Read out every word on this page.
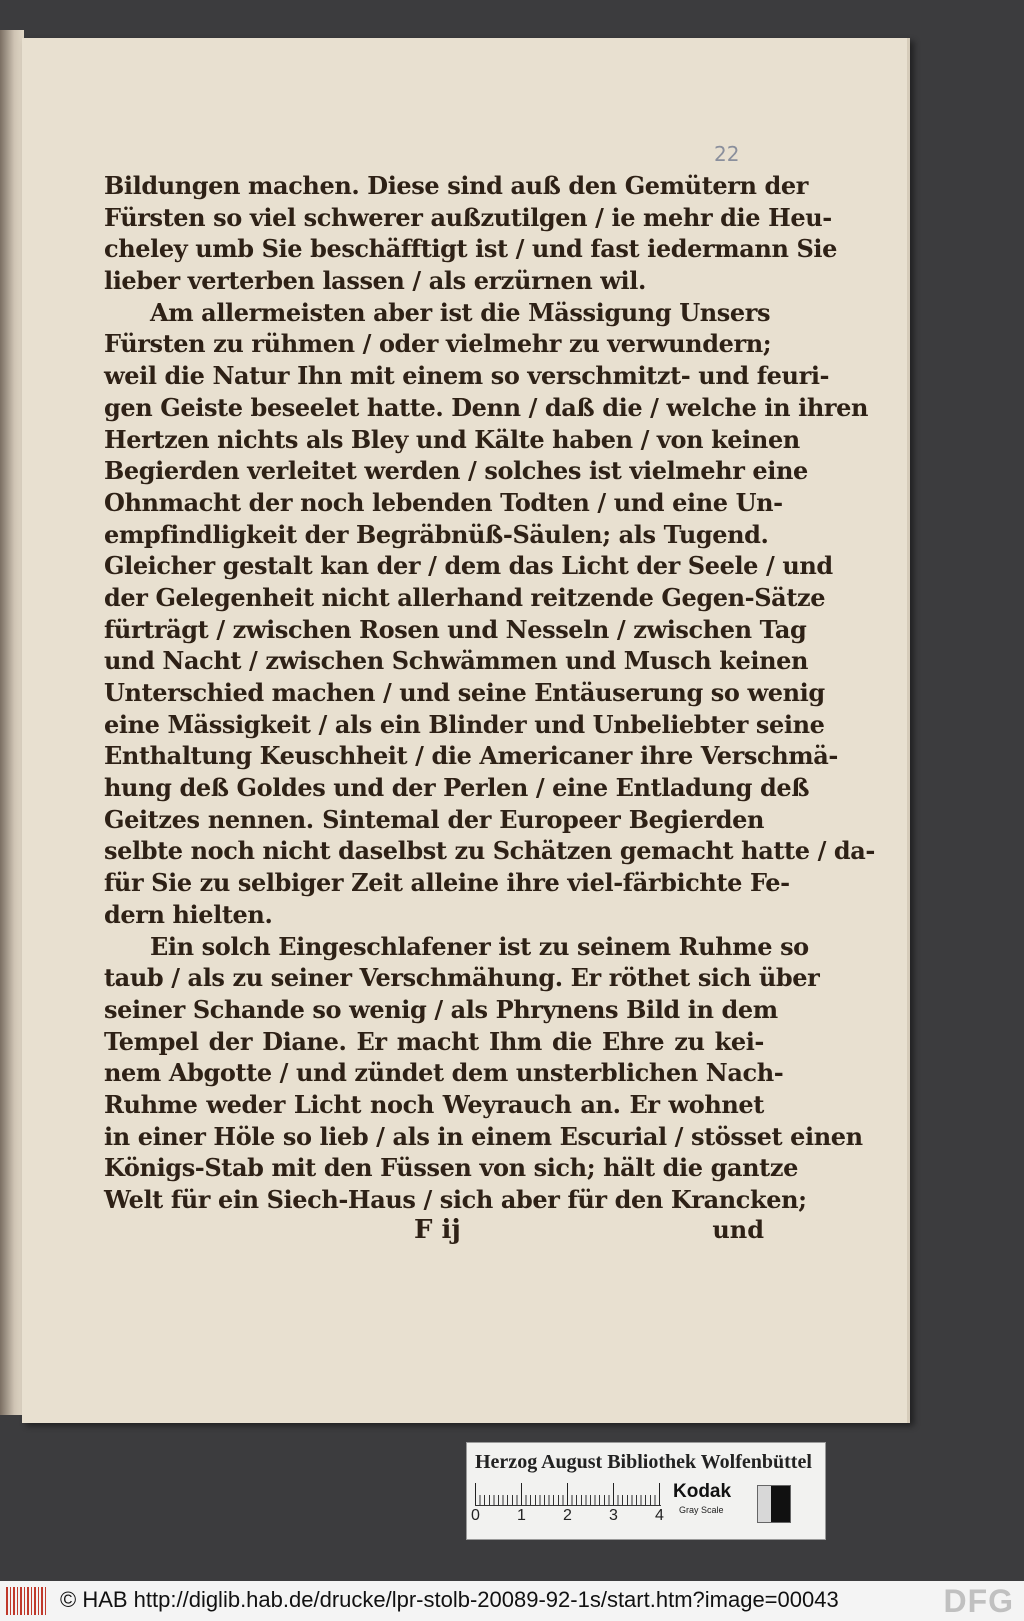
22
Bildungen machen. Diese sind auß den Gemütern der
Fürsten so viel schwerer außzutilgen / ie mehr die Heu-
cheley umb Sie beschäfftigt ist / und fast iedermann Sie
lieber verterben lassen / als erzürnen wil.
Am allermeisten aber ist die Mässigung Unsers
Fürsten zu rühmen / oder vielmehr zu verwundern;
weil die Natur Ihn mit einem so verschmitzt- und feuri-
gen Geiste beseelet hatte. Denn / daß die / welche in ihren
Hertzen nichts als Bley und Kälte haben / von keinen
Begierden verleitet werden / solches ist vielmehr eine
Ohnmacht der noch lebenden Todten / und eine Un-
empfindligkeit der Begräbnüß-Säulen; als Tugend.
Gleicher gestalt kan der / dem das Licht der Seele / und
der Gelegenheit nicht allerhand reitzende Gegen-Sätze
fürträgt / zwischen Rosen und Nesseln / zwischen Tag
und Nacht / zwischen Schwämmen und Musch keinen
Unterschied machen / und seine Entäuserung so wenig
eine Mässigkeit / als ein Blinder und Unbeliebter seine
Enthaltung Keuschheit / die Americaner ihre Verschmä-
hung deß Goldes und der Perlen / eine Entladung deß
Geitzes nennen. Sintemal der Europeer Begierden
selbte noch nicht daselbst zu Schätzen gemacht hatte / da-
für Sie zu selbiger Zeit alleine ihre viel-färbichte Fe-
dern hielten.
Ein solch Eingeschlafener ist zu seinem Ruhme so
taub / als zu seiner Verschmähung. Er röthet sich über
seiner Schande so wenig / als Phrynens Bild in dem
Tempel der Diane. Er macht Ihm die Ehre zu kei-
nem Abgotte / und zündet dem unsterblichen Nach-
Ruhme weder Licht noch Weyrauch an. Er wohnet
in einer Höle so lieb / als in einem Escurial / stösset einen
Königs-Stab mit den Füssen von sich; hält die gantze
Welt für ein Siech-Haus / sich aber für den Krancken;
F ij	und
Herzog August Bibliothek Wolfenbüttel
0 1 2 3 4
Kodak
Gray Scale
© HAB http://diglib.hab.de/drucke/lpr-stolb-20089-92-1s/start.htm?image=00043	DFG
